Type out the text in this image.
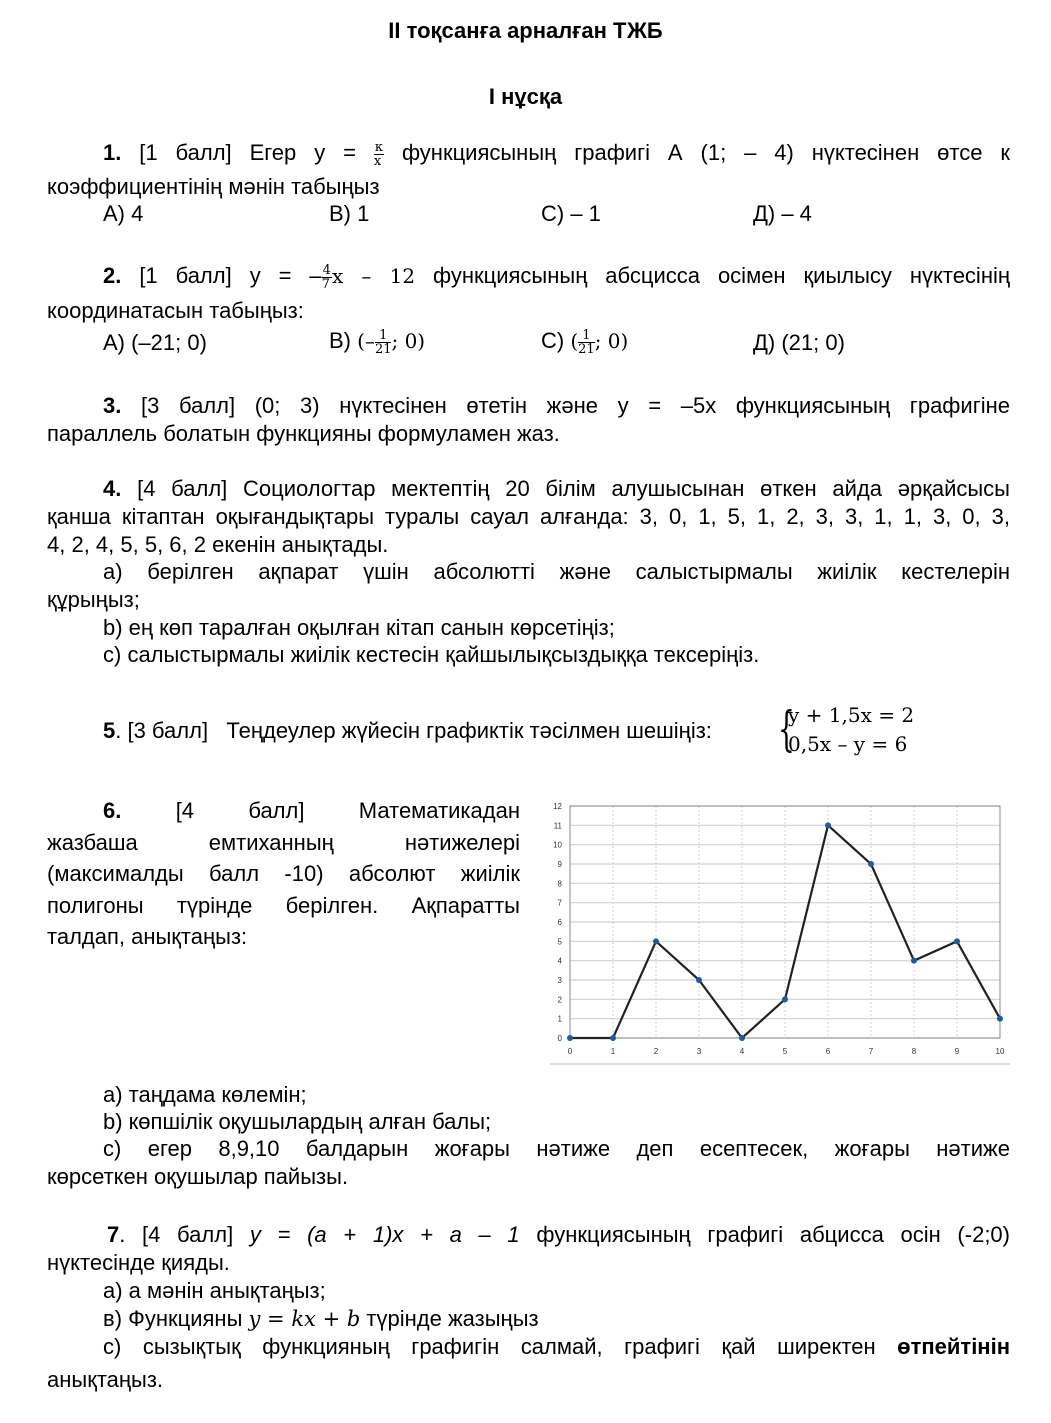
II тоқсанға арналған ТЖБ
I нұсқа
1. [1 балл] Егер $y = \frac{к}{x}$ функциясының графигі А (1; – 4) нүктесінен өтсе к
коэффициентінің мәнін табыңыз
А) 4	В) 1	С) – 1	Д) – 4
2. [1 балл] y = – $\frac{4}{7}$ x – 12 функциясының абсцисса осімен қиылысу нүктесінің
координатасын табыңыз:
А) (–21; 0)	В) (– $\frac{1}{21}$ ; 0)	С) ( $\frac{1}{21}$ ; 0)	Д) (21; 0)
3. [3 балл] (0; 3) нүктесінен өтетін және y = –5x функциясының графигіне
параллель болатын функцияны формуламен жаз.
4. [4 балл] Социологтар мектептің 20 білім алушысынан өткен айда әрқайсысы
қанша кітаптан оқығандықтары туралы сауал алғанда: 3, 0, 1, 5, 1, 2, 3, 3, 1, 1, 3, 0, 3,
4, 2, 4, 5, 5, 6, 2 екенін анықтады.
а) берілген ақпарат үшін абсолютті және салыстырмалы жиілік кестелерін
құрыңыз;
b) ең көп таралған оқылған кітап санын көрсетіңіз;
c) салыстырмалы жиілік кестесін қайшылықсыздыққа тексеріңіз.
5. [3 балл] Теңдеулер жүйесін графиктік тәсілмен шешіңіз:	{
y + 1,5x = 2
0,5x – y = 6
6. [4 балл] Математикадан
жазбаша емтиханның нәтижелері
(максималды балл -10) абсолют жиілік
полигоны түрінде берілген. Ақпаратты
талдап, анықтаңыз:
0
1
2
3
4
5
6
7
8
9
10
11
12
0	1	2	3	4	5	6	7	8	9	10
а) таңдама көлемін;
b) көпшілік оқушылардың алған балы;
c) егер 8,9,10 балдарын жоғары нәтиже деп есептесек, жоғары нәтиже
көрсеткен оқушылар пайызы.
7. [4 балл] y = (a + 1)x + a – 1 функциясының графигі абцисса осін (-2;0)
нүктесінде қияды.
а) а мәнін анықтаңыз;
в) Функцияны y = kx + b түрінде жазыңыз
c) сызықтық функцияның графигін салмай, графигі қай ширектен өтпейтінін
анықтаңыз.
